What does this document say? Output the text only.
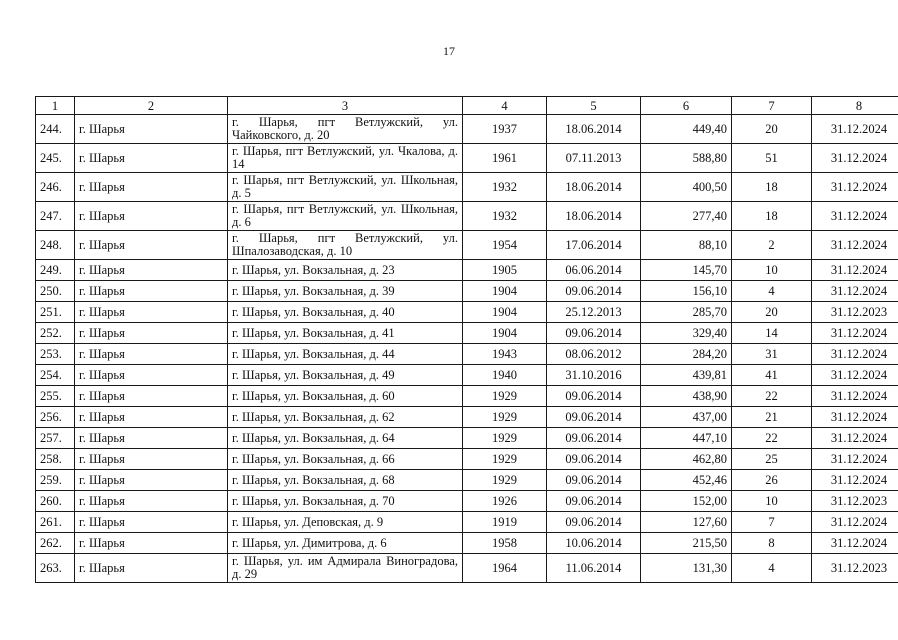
17
1	2	3	4	5	6	7	8
244.	г. Шарья	г. Шарья, пгт Ветлужский, ул. Чайковского, д. 20	1937	18.06.2014	449,40	20	31.12.2024
245.	г. Шарья	г. Шарья, пгт Ветлужский, ул. Чкалова, д. 14	1961	07.11.2013	588,80	51	31.12.2024
246.	г. Шарья	г. Шарья, пгт Ветлужский, ул. Школьная, д. 5	1932	18.06.2014	400,50	18	31.12.2024
247.	г. Шарья	г. Шарья, пгт Ветлужский, ул. Школьная, д. 6	1932	18.06.2014	277,40	18	31.12.2024
248.	г. Шарья	г. Шарья, пгт Ветлужский, ул. Шпалозаводская, д. 10	1954	17.06.2014	88,10	2	31.12.2024
249.	г. Шарья	г. Шарья, ул. Вокзальная, д. 23	1905	06.06.2014	145,70	10	31.12.2024
250.	г. Шарья	г. Шарья, ул. Вокзальная, д. 39	1904	09.06.2014	156,10	4	31.12.2024
251.	г. Шарья	г. Шарья, ул. Вокзальная, д. 40	1904	25.12.2013	285,70	20	31.12.2023
252.	г. Шарья	г. Шарья, ул. Вокзальная, д. 41	1904	09.06.2014	329,40	14	31.12.2024
253.	г. Шарья	г. Шарья, ул. Вокзальная, д. 44	1943	08.06.2012	284,20	31	31.12.2024
254.	г. Шарья	г. Шарья, ул. Вокзальная, д. 49	1940	31.10.2016	439,81	41	31.12.2024
255.	г. Шарья	г. Шарья, ул. Вокзальная, д. 60	1929	09.06.2014	438,90	22	31.12.2024
256.	г. Шарья	г. Шарья, ул. Вокзальная, д. 62	1929	09.06.2014	437,00	21	31.12.2024
257.	г. Шарья	г. Шарья, ул. Вокзальная, д. 64	1929	09.06.2014	447,10	22	31.12.2024
258.	г. Шарья	г. Шарья, ул. Вокзальная, д. 66	1929	09.06.2014	462,80	25	31.12.2024
259.	г. Шарья	г. Шарья, ул. Вокзальная, д. 68	1929	09.06.2014	452,46	26	31.12.2024
260.	г. Шарья	г. Шарья, ул. Вокзальная, д. 70	1926	09.06.2014	152,00	10	31.12.2023
261.	г. Шарья	г. Шарья, ул. Деповская, д. 9	1919	09.06.2014	127,60	7	31.12.2024
262.	г. Шарья	г. Шарья, ул. Димитрова, д. 6	1958	10.06.2014	215,50	8	31.12.2024
263.	г. Шарья	г. Шарья, ул. им Адмирала Виноградова, д. 29	1964	11.06.2014	131,30	4	31.12.2023
